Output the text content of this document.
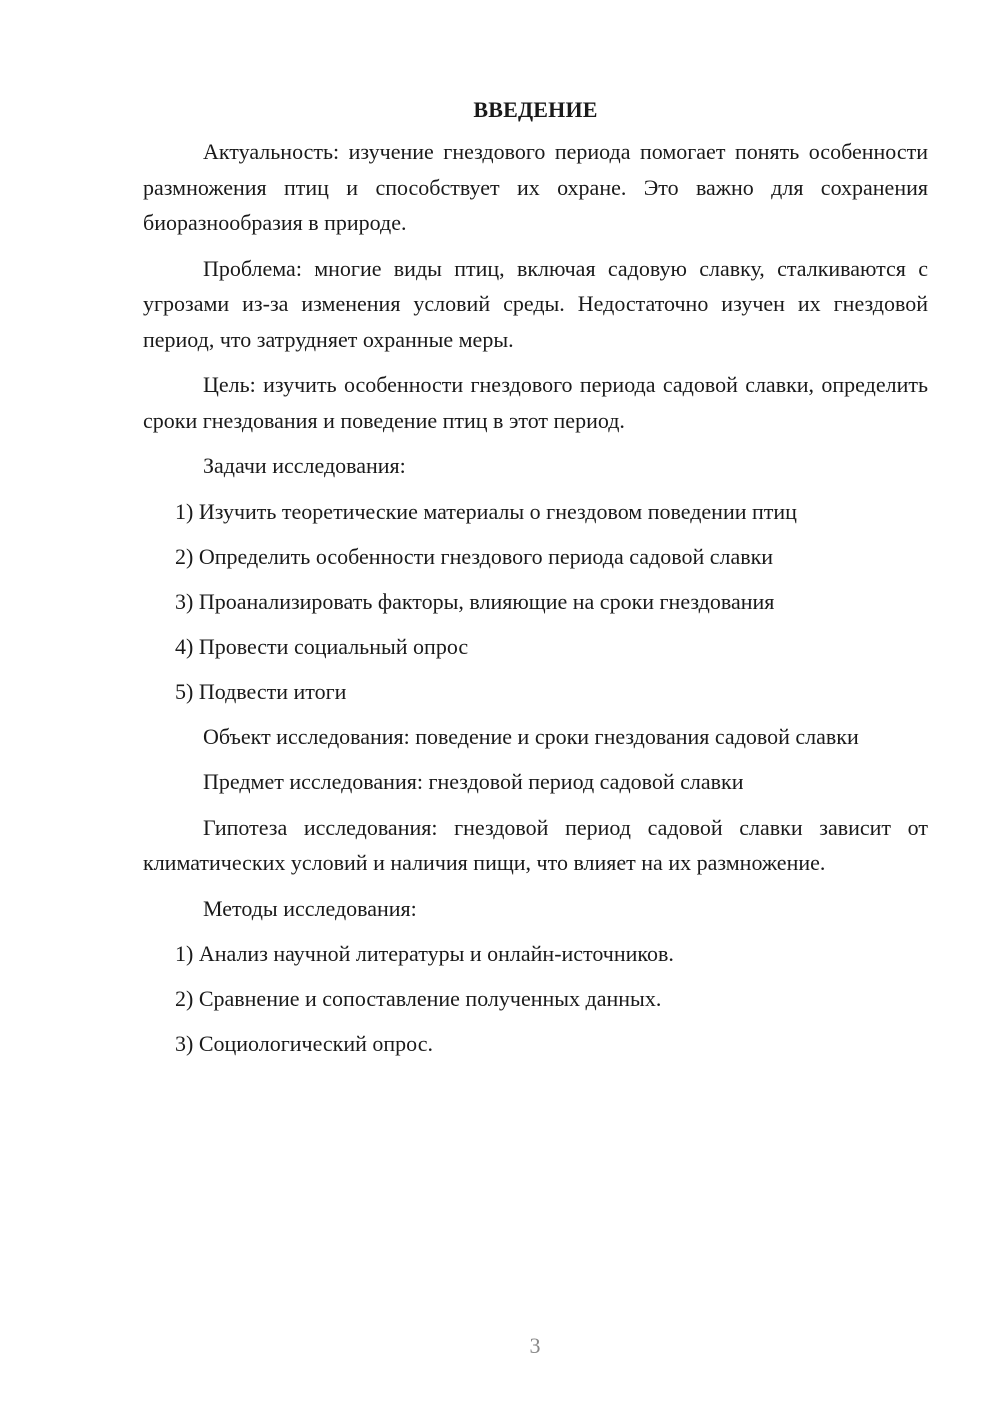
ВВЕДЕНИЕ

Актуальность: изучение гнездового периода помогает понять особенности размножения птиц и способствует их охране. Это важно для сохранения биоразнообразия в природе.

Проблема: многие виды птиц, включая садовую славку, сталкиваются с угрозами из-за изменения условий среды. Недостаточно изучен их гнездовой период, что затрудняет охранные меры.

Цель: изучить особенности гнездового периода садовой славки, определить сроки гнездования и поведение птиц в этот период.

Задачи исследования:

1) Изучить теоретические материалы о гнездовом поведении птиц

2) Определить особенности гнездового периода садовой славки

3) Проанализировать факторы, влияющие на сроки гнездования

4) Провести социальный опрос

5) Подвести итоги

Объект исследования: поведение и сроки гнездования садовой славки

Предмет исследования: гнездовой период садовой славки

Гипотеза исследования: гнездовой период садовой славки зависит от климатических условий и наличия пищи, что влияет на их размножение.

Методы исследования:

1) Анализ научной литературы и онлайн-источников.

2) Сравнение и сопоставление полученных данных.

3) Социологический опрос.

3
